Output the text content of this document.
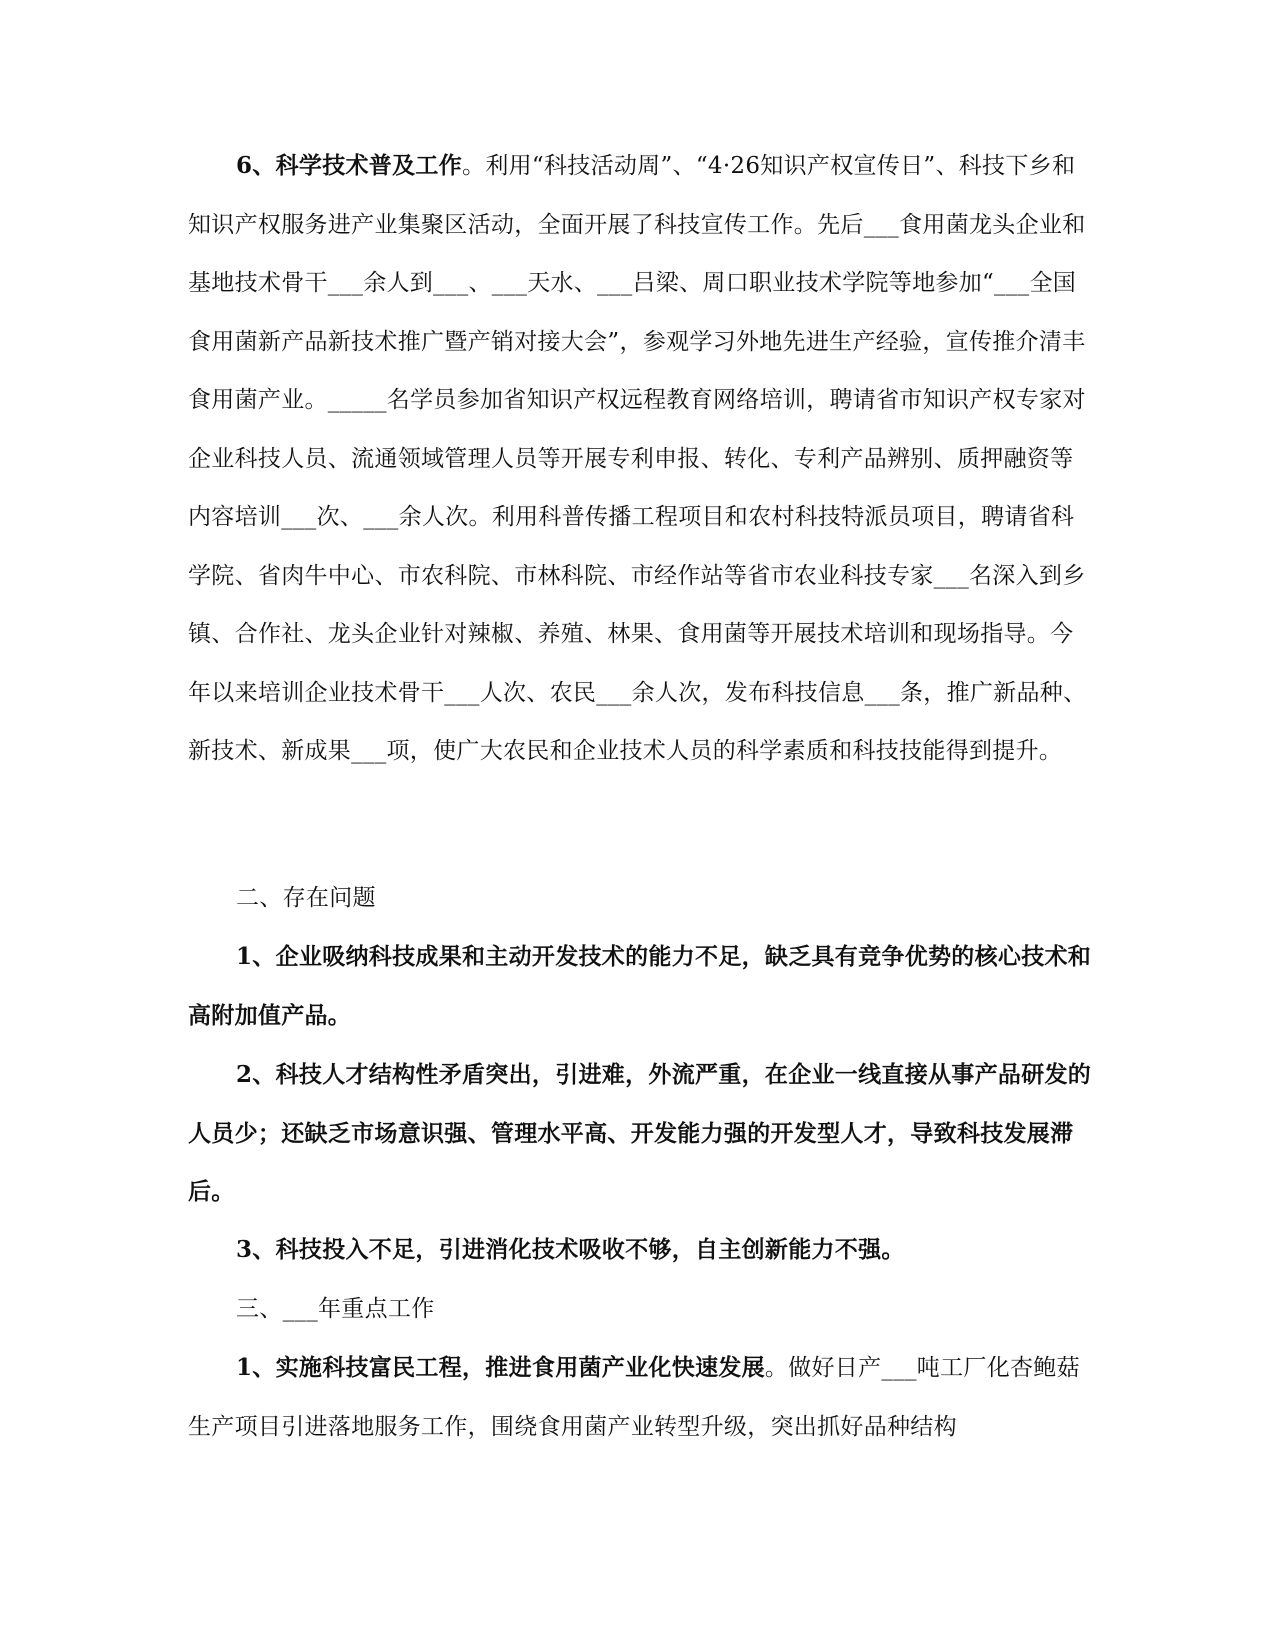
6、科学技术普及工作。利用“科技活动周”、“4·26知识产权宣传日”、科技下乡和知识产权服务进产业集聚区活动，全面开展了科技宣传工作。先后___食用菌龙头企业和基地技术骨干___余人到___、___天水、___吕梁、周口职业技术学院等地参加“___全国食用菌新产品新技术推广暨产销对接大会”，参观学习外地先进生产经验，宣传推介清丰食用菌产业。_____名学员参加省知识产权远程教育网络培训，聘请省市知识产权专家对企业科技人员、流通领域管理人员等开展专利申报、转化、专利产品辨别、质押融资等内容培训___次、___余人次。利用科普传播工程项目和农村科技特派员项目，聘请省科学院、省肉牛中心、市农科院、市林科院、市经作站等省市农业科技专家___名深入到乡镇、合作社、龙头企业针对辣椒、养殖、林果、食用菌等开展技术培训和现场指导。今年以来培训企业技术骨干___人次、农民___余人次，发布科技信息___条，推广新品种、新技术、新成果___项，使广大农民和企业技术人员的科学素质和科技技能得到提升。

二、存在问题

1、企业吸纳科技成果和主动开发技术的能力不足，缺乏具有竞争优势的核心技术和高附加值产品。

2、科技人才结构性矛盾突出，引进难，外流严重，在企业一线直接从事产品研发的人员少；还缺乏市场意识强、管理水平高、开发能力强的开发型人才，导致科技发展滞后。

3、科技投入不足，引进消化技术吸收不够，自主创新能力不强。

三、___年重点工作

1、实施科技富民工程，推进食用菌产业化快速发展。做好日产___吨工厂化杏鲍菇生产项目引进落地服务工作，围绕食用菌产业转型升级，突出抓好品种结构
